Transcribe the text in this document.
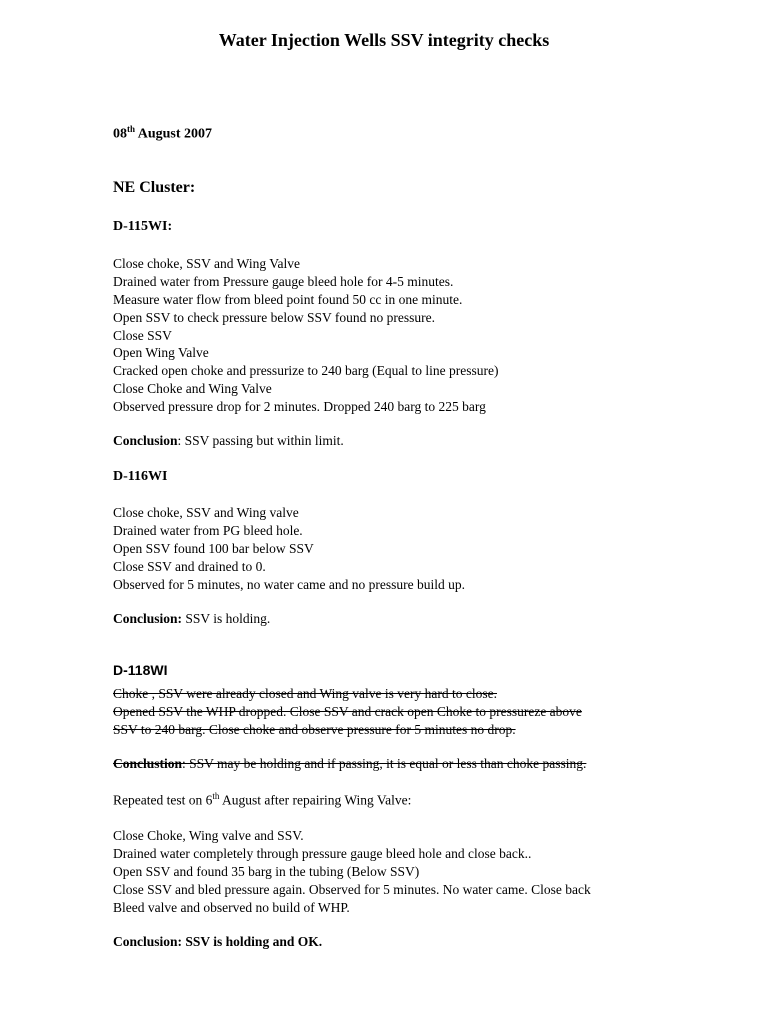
Water Injection Wells SSV integrity checks
08th August 2007
NE Cluster:
D-115WI:
Close choke, SSV and Wing Valve
Drained water from Pressure gauge bleed hole for 4-5 minutes.
Measure water flow from bleed point found 50 cc in one minute.
Open SSV to check pressure below SSV found no pressure.
Close SSV
Open Wing Valve
Cracked open choke and pressurize to 240 barg (Equal to line pressure)
Close Choke and Wing Valve
Observed pressure drop for 2 minutes. Dropped 240 barg to 225 barg
Conclusion: SSV passing but within limit.
D-116WI
Close choke, SSV and Wing valve
Drained water from PG bleed hole.
Open SSV found 100 bar below SSV
Close SSV and drained to 0.
Observed for 5 minutes, no water came and no pressure build up.
Conclusion: SSV is holding.
D-118WI
Choke , SSV were already closed and Wing valve is very hard to close.
Opened SSV the WHP dropped. Close SSV and crack open Choke to pressureze above
SSV to 240 barg. Close choke and observe pressure for 5 minutes no drop.
Conclustion: SSV may be holding and if passing, it is equal or less than choke passing.
Repeated test on 6th August after repairing Wing Valve:
Close Choke, Wing valve and SSV.
Drained water completely through pressure gauge bleed hole and close back..
Open SSV and found 35 barg in the tubing (Below SSV)
Close SSV and bled pressure again. Observed for 5 minutes. No water came. Close back
Bleed valve and observed no build of WHP.
Conclusion: SSV is holding and OK.
